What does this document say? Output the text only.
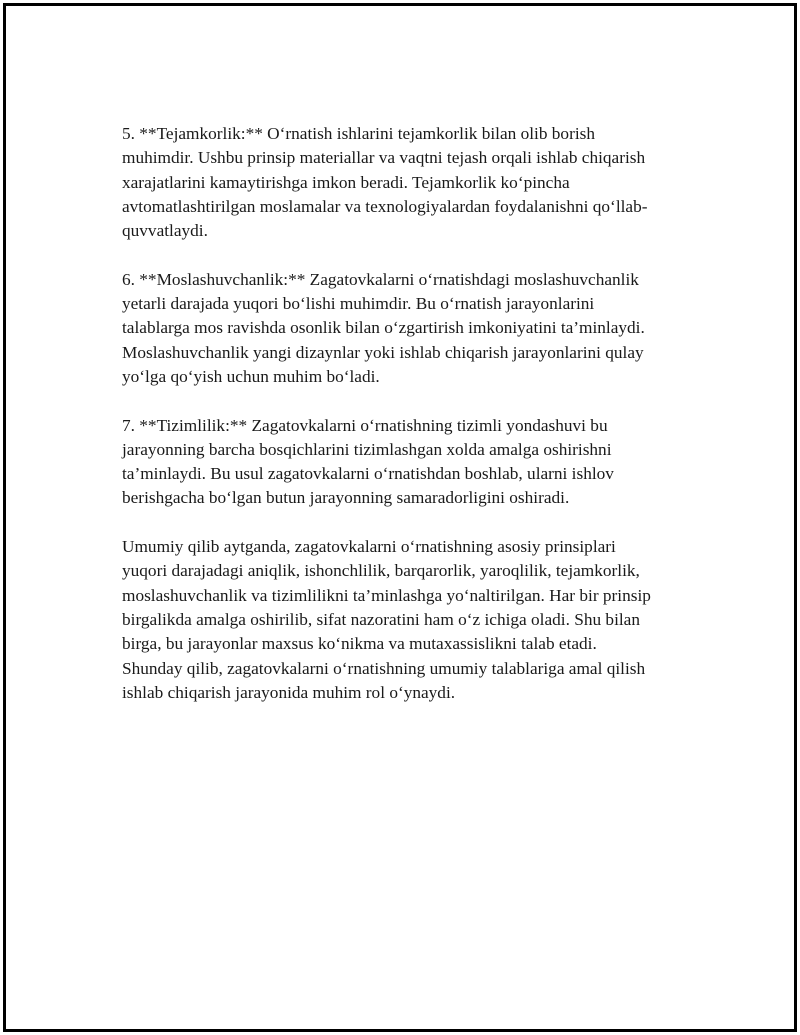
5. **Tejamkorlik:** O‘rnatish ishlarini tejamkorlik bilan olib borish
muhimdir. Ushbu prinsip materiallar va vaqtni tejash orqali ishlab chiqarish
xarajatlarini kamaytirishga imkon beradi. Tejamkorlik ko‘pincha
avtomatlashtirilgan moslamalar va texnologiyalardan foydalanishni qo‘llab-
quvvatlaydi.

6. **Moslashuvchanlik:** Zagatovkalarni o‘rnatishdagi moslashuvchanlik
yetarli darajada yuqori bo‘lishi muhimdir. Bu o‘rnatish jarayonlarini
talablarga mos ravishda osonlik bilan o‘zgartirish imkoniyatini ta’minlaydi.
Moslashuvchanlik yangi dizaynlar yoki ishlab chiqarish jarayonlarini qulay
yo‘lga qo‘yish uchun muhim bo‘ladi.

7. **Tizimlilik:** Zagatovkalarni o‘rnatishning tizimli yondashuvi bu
jarayonning barcha bosqichlarini tizimlashgan xolda amalga oshirishni
ta’minlaydi. Bu usul zagatovkalarni o‘rnatishdan boshlab, ularni ishlov
berishgacha bo‘lgan butun jarayonning samaradorligini oshiradi.

Umumiy qilib aytganda, zagatovkalarni o‘rnatishning asosiy prinsiplari
yuqori darajadagi aniqlik, ishonchlilik, barqarorlik, yaroqlilik, tejamkorlik,
moslashuvchanlik va tizimlilikni ta’minlashga yo‘naltirilgan. Har bir prinsip
birgalikda amalga oshirilib, sifat nazoratini ham o‘z ichiga oladi. Shu bilan
birga, bu jarayonlar maxsus ko‘nikma va mutaxassislikni talab etadi.
Shunday qilib, zagatovkalarni o‘rnatishning umumiy talablariga amal qilish
ishlab chiqarish jarayonida muhim rol o‘ynaydi.
